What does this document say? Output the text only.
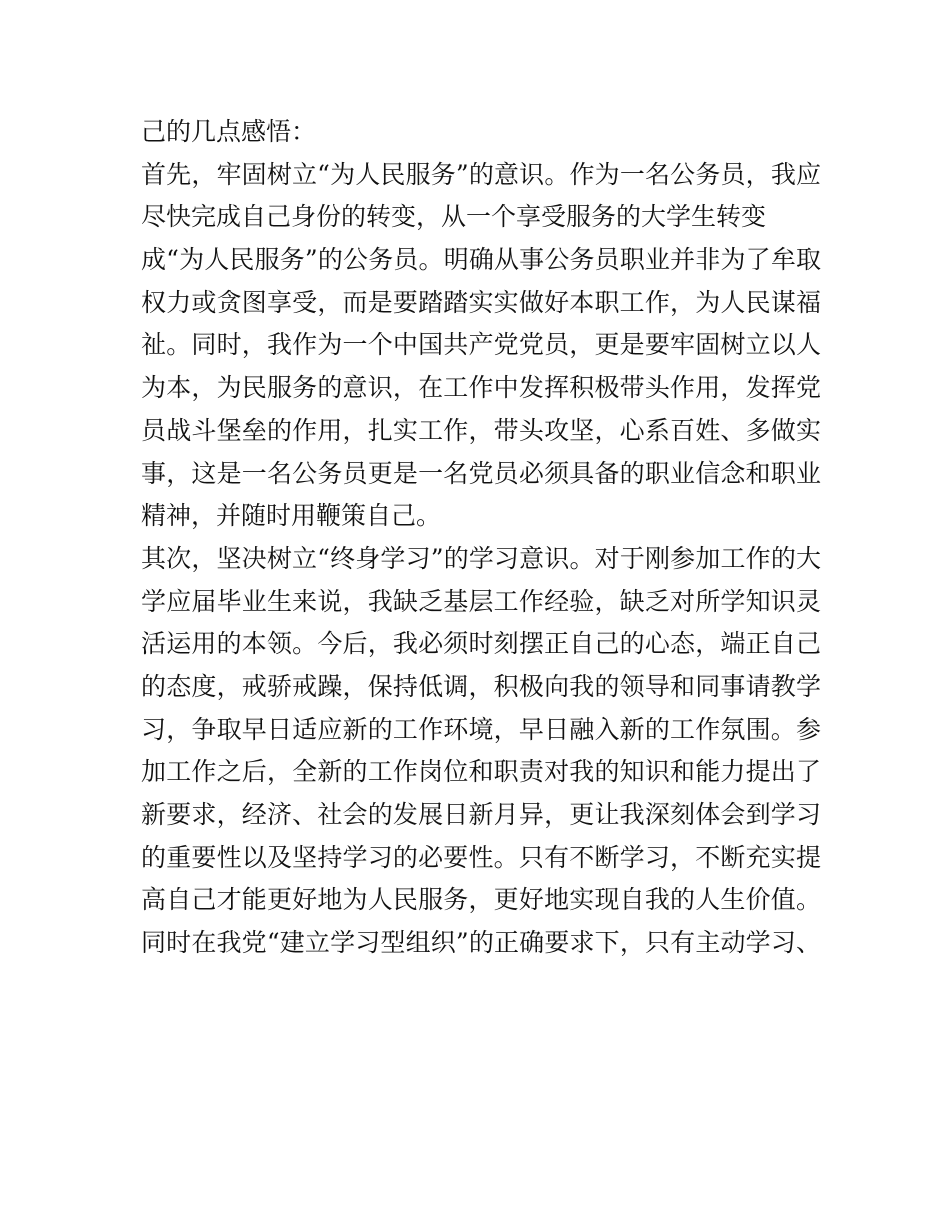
己的几点感悟：
首先，牢固树立“为人民服务”的意识。作为一名公务员，我应
尽快完成自己身份的转变，从一个享受服务的大学生转变
成“为人民服务”的公务员。明确从事公务员职业并非为了牟取
权力或贪图享受，而是要踏踏实实做好本职工作，为人民谋福
祉。同时，我作为一个中国共产党党员，更是要牢固树立以人
为本，为民服务的意识，在工作中发挥积极带头作用，发挥党
员战斗堡垒的作用，扎实工作，带头攻坚，心系百姓、多做实
事，这是一名公务员更是一名党员必须具备的职业信念和职业
精神，并随时用鞭策自己。
其次，坚决树立“终身学习”的学习意识。对于刚参加工作的大
学应届毕业生来说，我缺乏基层工作经验，缺乏对所学知识灵
活运用的本领。今后，我必须时刻摆正自己的心态，端正自己
的态度，戒骄戒躁，保持低调，积极向我的领导和同事请教学
习，争取早日适应新的工作环境，早日融入新的工作氛围。参
加工作之后，全新的工作岗位和职责对我的知识和能力提出了
新要求，经济、社会的发展日新月异，更让我深刻体会到学习
的重要性以及坚持学习的必要性。只有不断学习，不断充实提
高自己才能更好地为人民服务，更好地实现自我的人生价值。
同时在我党“建立学习型组织”的正确要求下，只有主动学习、
